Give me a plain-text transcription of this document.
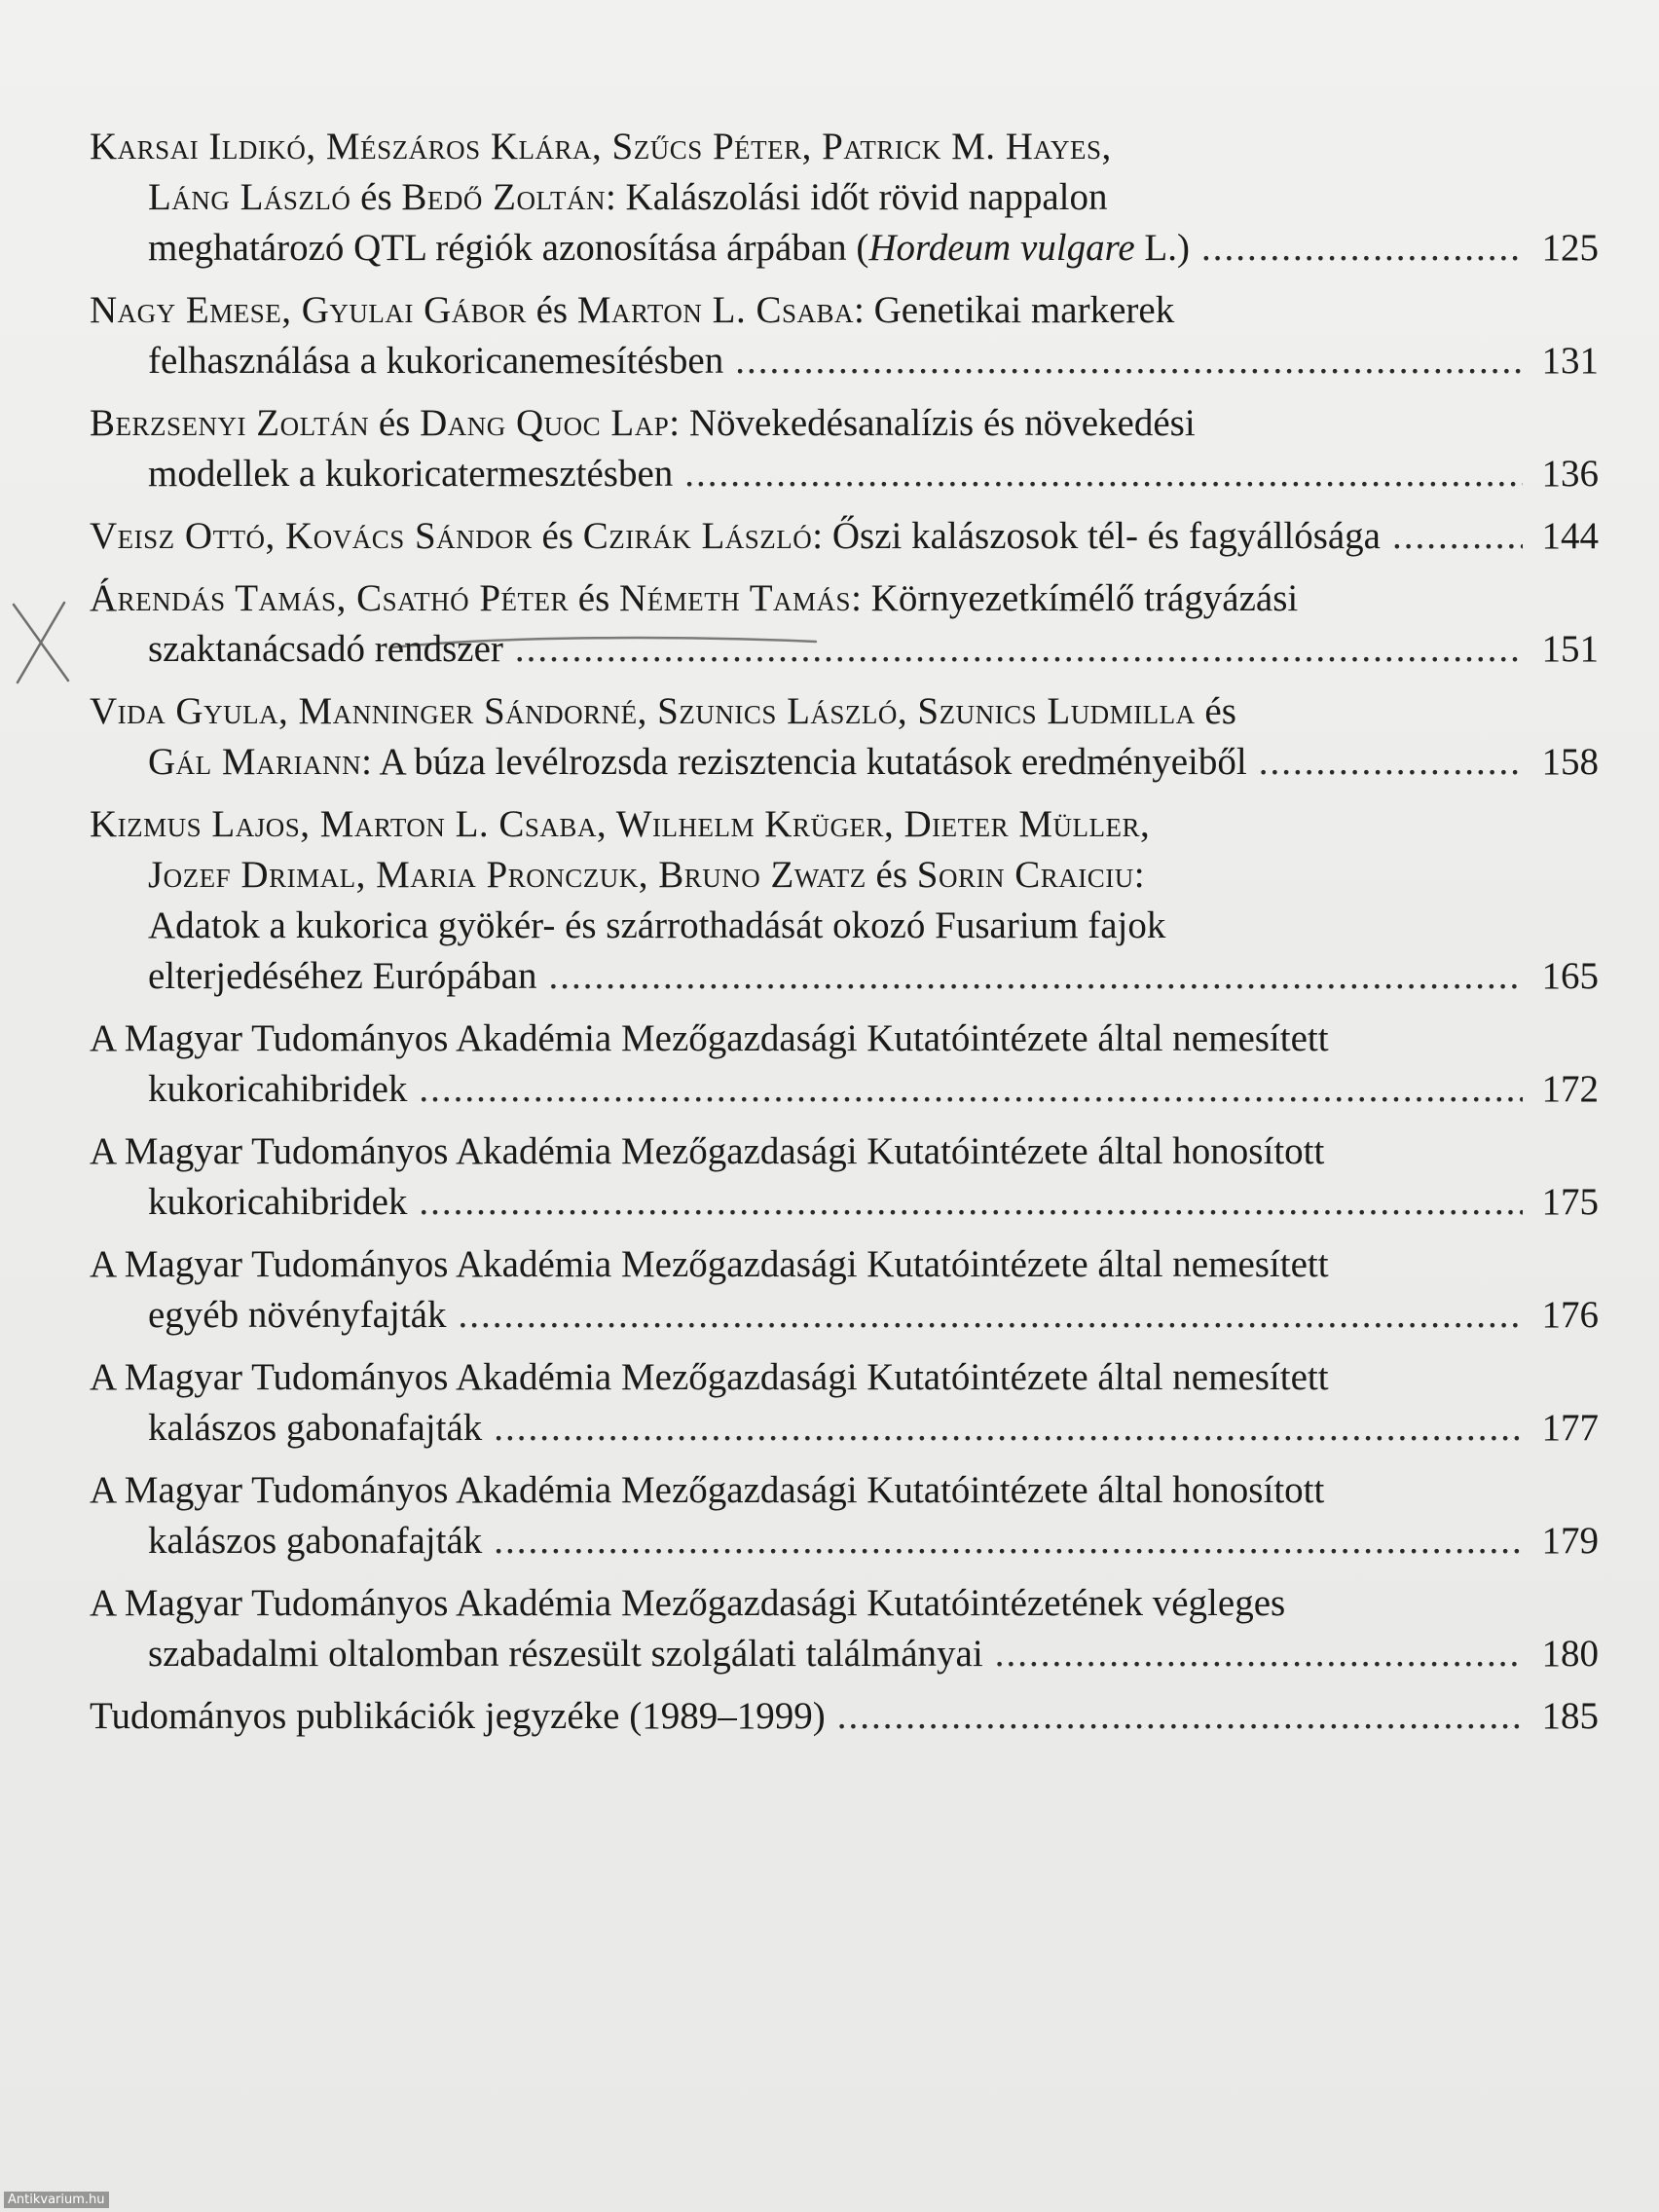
Karsai Ildikó, Mészáros Klára, Szűcs Péter, Patrick M. Hayes,
Láng László és Bedő Zoltán: Kalászolási időt rövid nappalon
meghatározó QTL régiók azonosítása árpában (Hordeum vulgare L.) .....	125
Nagy Emese, Gyulai Gábor és Marton L. Csaba: Genetikai markerek
felhasználása a kukoricanemesítésben .....	131
Berzsenyi Zoltán és Dang Quoc Lap: Növekedésanalízis és növekedési
modellek a kukoricatermesztésben .....	136
Veisz Ottó, Kovács Sándor és Czirák László: Őszi kalászosok tél- és fagyállósága .....	144
Árendás Tamás, Csathó Péter és Németh Tamás: Környezetkímélő trágyázási
szaktanácsadó rendszer .....	151
Vida Gyula, Manninger Sándorné, Szunics László, Szunics Ludmilla és
Gál Mariann: A búza levélrozsda rezisztencia kutatások eredményeiből .....	158
Kizmus Lajos, Marton L. Csaba, Wilhelm Krüger, Dieter Müller,
Jozef Drimal, Maria Pronczuk, Bruno Zwatz és Sorin Craiciu:
Adatok a kukorica gyökér- és szárrothadását okozó Fusarium fajok
elterjedéséhez Európában .....	165
A Magyar Tudományos Akadémia Mezőgazdasági Kutatóintézete által nemesített
kukoricahibridek .....	172
A Magyar Tudományos Akadémia Mezőgazdasági Kutatóintézete által honosított
kukoricahibridek .....	175
A Magyar Tudományos Akadémia Mezőgazdasági Kutatóintézete által nemesített
egyéb növényfajták .....	176
A Magyar Tudományos Akadémia Mezőgazdasági Kutatóintézete által nemesített
kalászos gabonafajták .....	177
A Magyar Tudományos Akadémia Mezőgazdasági Kutatóintézete által honosított
kalászos gabonafajták .....	179
A Magyar Tudományos Akadémia Mezőgazdasági Kutatóintézetének végleges
szabadalmi oltalomban részesült szolgálati találmányai .....	180
Tudományos publikációk jegyzéke (1989–1999) .....	185
Antikvarium.hu
